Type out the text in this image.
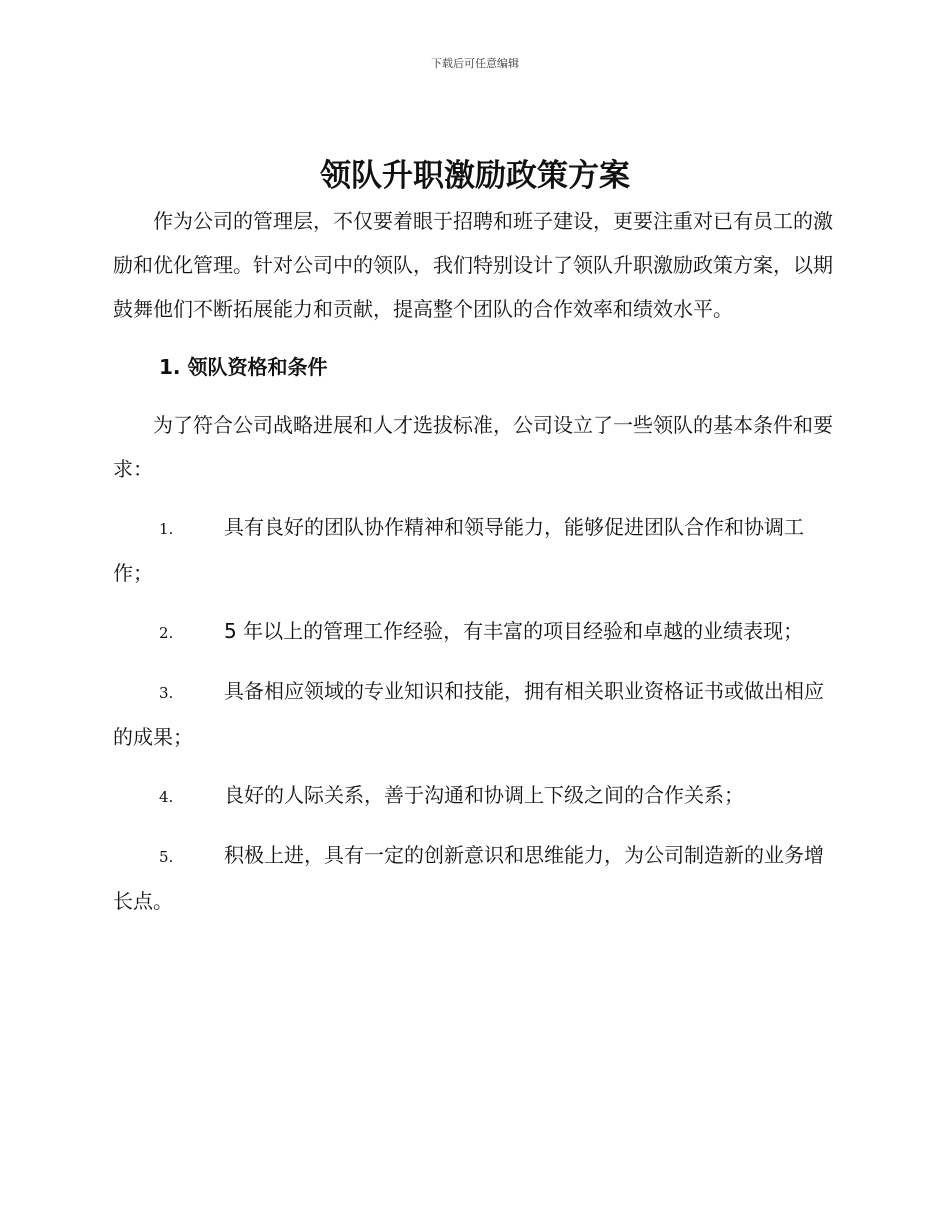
下载后可任意编辑
领队升职激励政策方案

作为公司的管理层，不仅要着眼于招聘和班子建设，更要注重对已有员工的激励和优化管理。针对公司中的领队，我们特别设计了领队升职激励政策方案，以期鼓舞他们不断拓展能力和贡献，提高整个团队的合作效率和绩效水平。

1. 领队资格和条件

为了符合公司战略进展和人才选拔标准，公司设立了一些领队的基本条件和要求：

1.	具有良好的团队协作精神和领导能力，能够促进团队合作和协调工作；

2.	5 年以上的管理工作经验，有丰富的项目经验和卓越的业绩表现；

3.	具备相应领域的专业知识和技能，拥有相关职业资格证书或做出相应的成果；

4.	良好的人际关系，善于沟通和协调上下级之间的合作关系；

5.	积极上进，具有一定的创新意识和思维能力，为公司制造新的业务增长点。
